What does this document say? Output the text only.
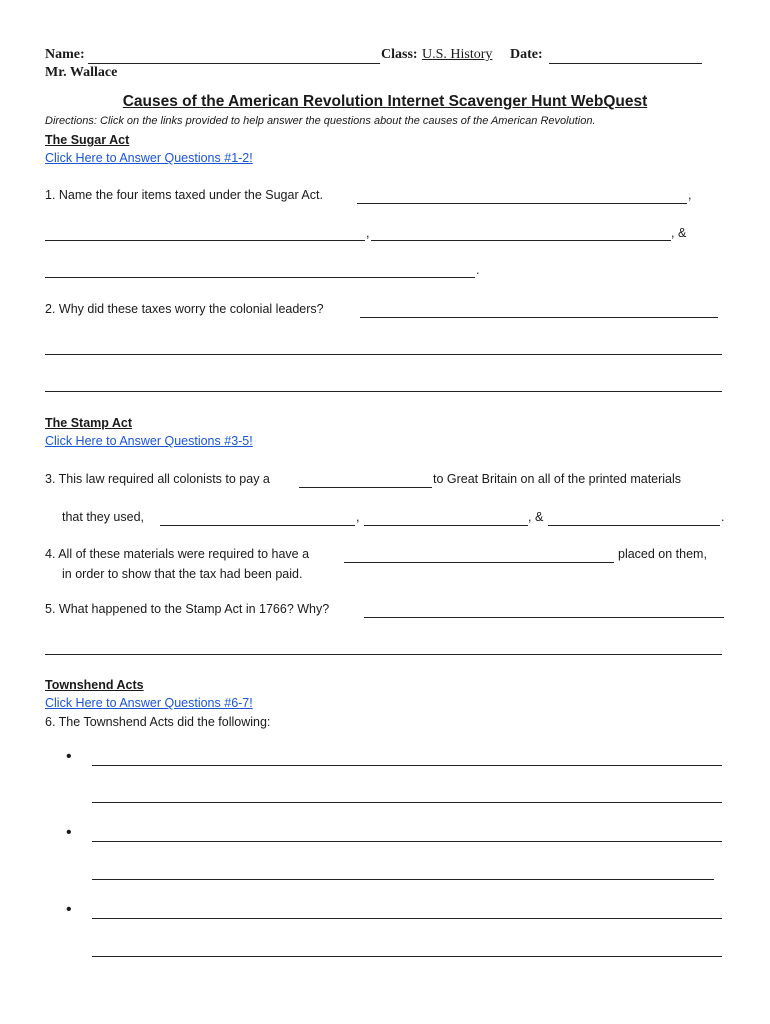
Name:	Class: U.S. History Date:
Mr. Wallace
Causes of the American Revolution Internet Scavenger Hunt WebQuest
Directions: Click on the links provided to help answer the questions about the causes of the American Revolution.
The Sugar Act
Click Here to Answer Questions #1-2!
1. Name the four items taxed under the Sugar Act.	,
,	, &
.
2. Why did these taxes worry the colonial leaders?
The Stamp Act
Click Here to Answer Questions #3-5!
3. This law required all colonists to pay a	to Great Britain on all of the printed materials
that they used,	,	, &	.
4. All of these materials were required to have a	placed on them,
in order to show that the tax had been paid.
5. What happened to the Stamp Act in 1766? Why?
Townshend Acts
Click Here to Answer Questions #6-7!
6. The Townshend Acts did the following:
•
•
•
